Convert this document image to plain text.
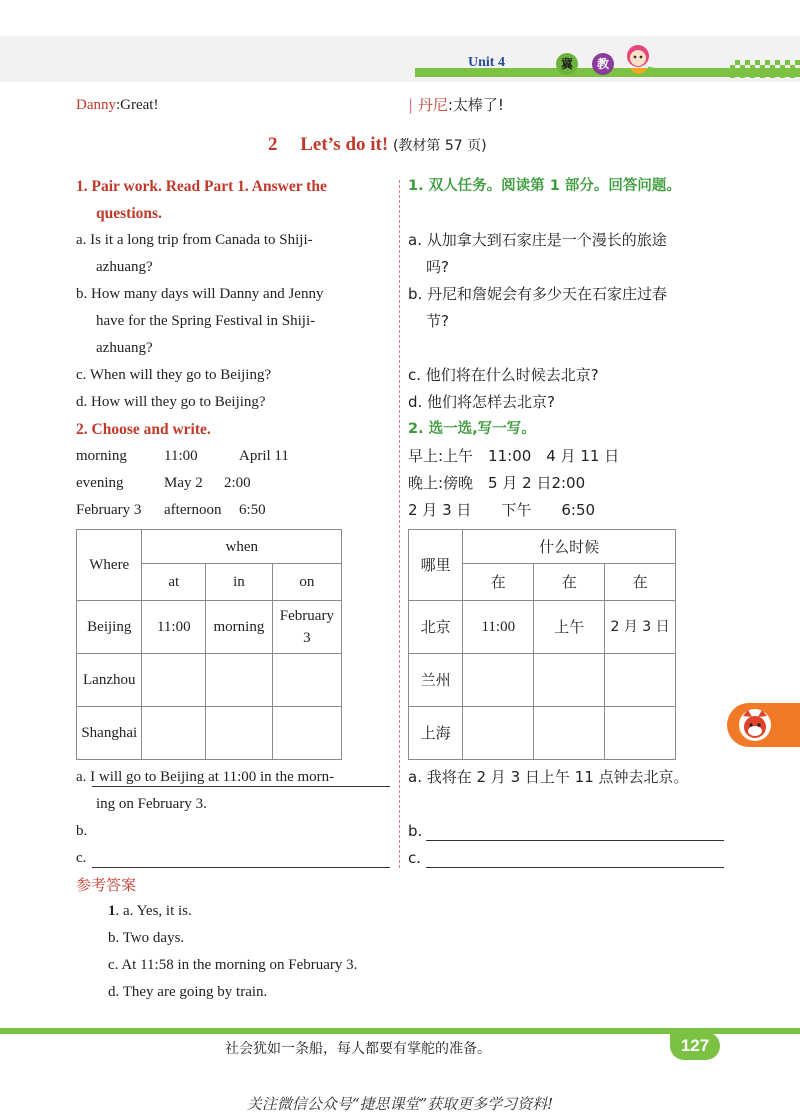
Unit 4	冀	教
Danny:Great!	| 丹尼:太棒了!
2 Let’s do it! (教材第 57 页)
1. Pair work. Read Part 1. Answer the
questions.
a. Is it a long trip from Canada to Shiji-
azhuang?
b. How many days will Danny and Jenny
have for the Spring Festival in Shiji-
azhuang?
c. When will they go to Beijing?
d. How will they go to Beijing?
2. Choose and write.
morning 11:00	April 11
evening	May 2 2:00
February 3 afternoon 6:50
Where	when		
	at	in	on
Beijing	11:00	morning	February 3
Lanzhou			
Shanghai			
a. I will go to Beijing at 11:00 in the morn-
ing on February 3.
b.
c.
1. 双人任务。阅读第 1 部分。回答问题。
a. 从加拿大到石家庄是一个漫长的旅途
吗?
b. 丹尼和詹妮会有多少天在石家庄过春
节?
c. 他们将在什么时候去北京?
d. 他们将怎样去北京?
2. 选一选,写一写。
早上:上午　11:00　4 月 11 日
晚上:傍晚　5 月 2 日2:00
2 月 3 日　　下午　　6:50
哪里	什么时候		
	在	在	在
北京	11:00	上午	2 月 3 日
兰州			
上海			
a. 我将在 2 月 3 日上午 11 点钟去北京。
b.
c.
参考答案
1. a. Yes, it is.
b. Two days.
c. At 11:58 in the morning on February 3.
d. They are going by train.
社会犹如一条船，每人都要有掌舵的准备。	127
关注微信公众号“捷思课堂”获取更多学习资料!
